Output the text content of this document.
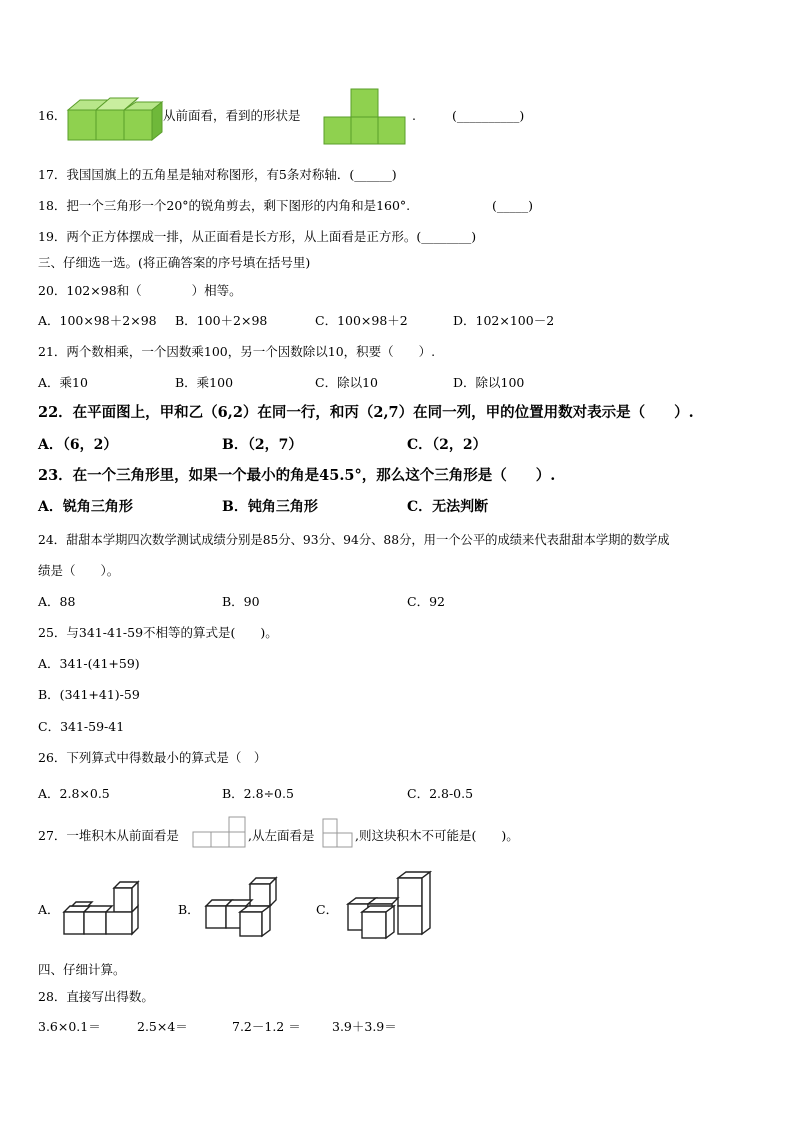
16．	从前面看，看到的形状是	.	(__________)
17．我国国旗上的五角星是轴对称图形，有5条对称轴．(______)
18．把一个三角形一个20°的锐角剪去，剩下图形的内角和是160°.	(_____)
19．两个正方体摆成一排，从正面看是长方形，从上面看是正方形。(________)
三、仔细选一选。(将正确答案的序号填在括号里)
20．102×98和（　　　　）相等。
A．100×98＋2×98 B．100＋2×98	C．100×98＋2	D．102×100－2
21．两个数相乘，一个因数乘100，另一个因数除以10，积要（　　）.
A．乘10	B．乘100	C．除以10	D．除以100
22．在平面图上，甲和乙（6,2）在同一行，和丙（2,7）在同一列，甲的位置用数对表示是（　　）.
A．（6，2）	B．（2，7）	C．（2，2）
23．在一个三角形里，如果一个最小的角是45.5°，那么这个三角形是（　　）.
A．锐角三角形	B．钝角三角形	C．无法判断
24．甜甜本学期四次数学测试成绩分别是85分、93分、94分、88分，用一个公平的成绩来代表甜甜本学期的数学成
绩是（　　）。
A．88	B．90	C．92
25．与341-41-59不相等的算式是(　　)。
A．341-(41+59)
B．(341+41)-59
C．341-59-41
26．下列算式中得数最小的算式是（　）
A．2.8×0.5	B．2.8÷0.5	C．2.8-0.5
27．一堆积木从前面看是	,从左面看是	,则这块积木不可能是(　　)。
A．	B．	C．
四、仔细计算。
28．直接写出得数。
3.6×0.1＝	2.5×4＝	7.2－1.2 ＝	3.9＋3.9＝
